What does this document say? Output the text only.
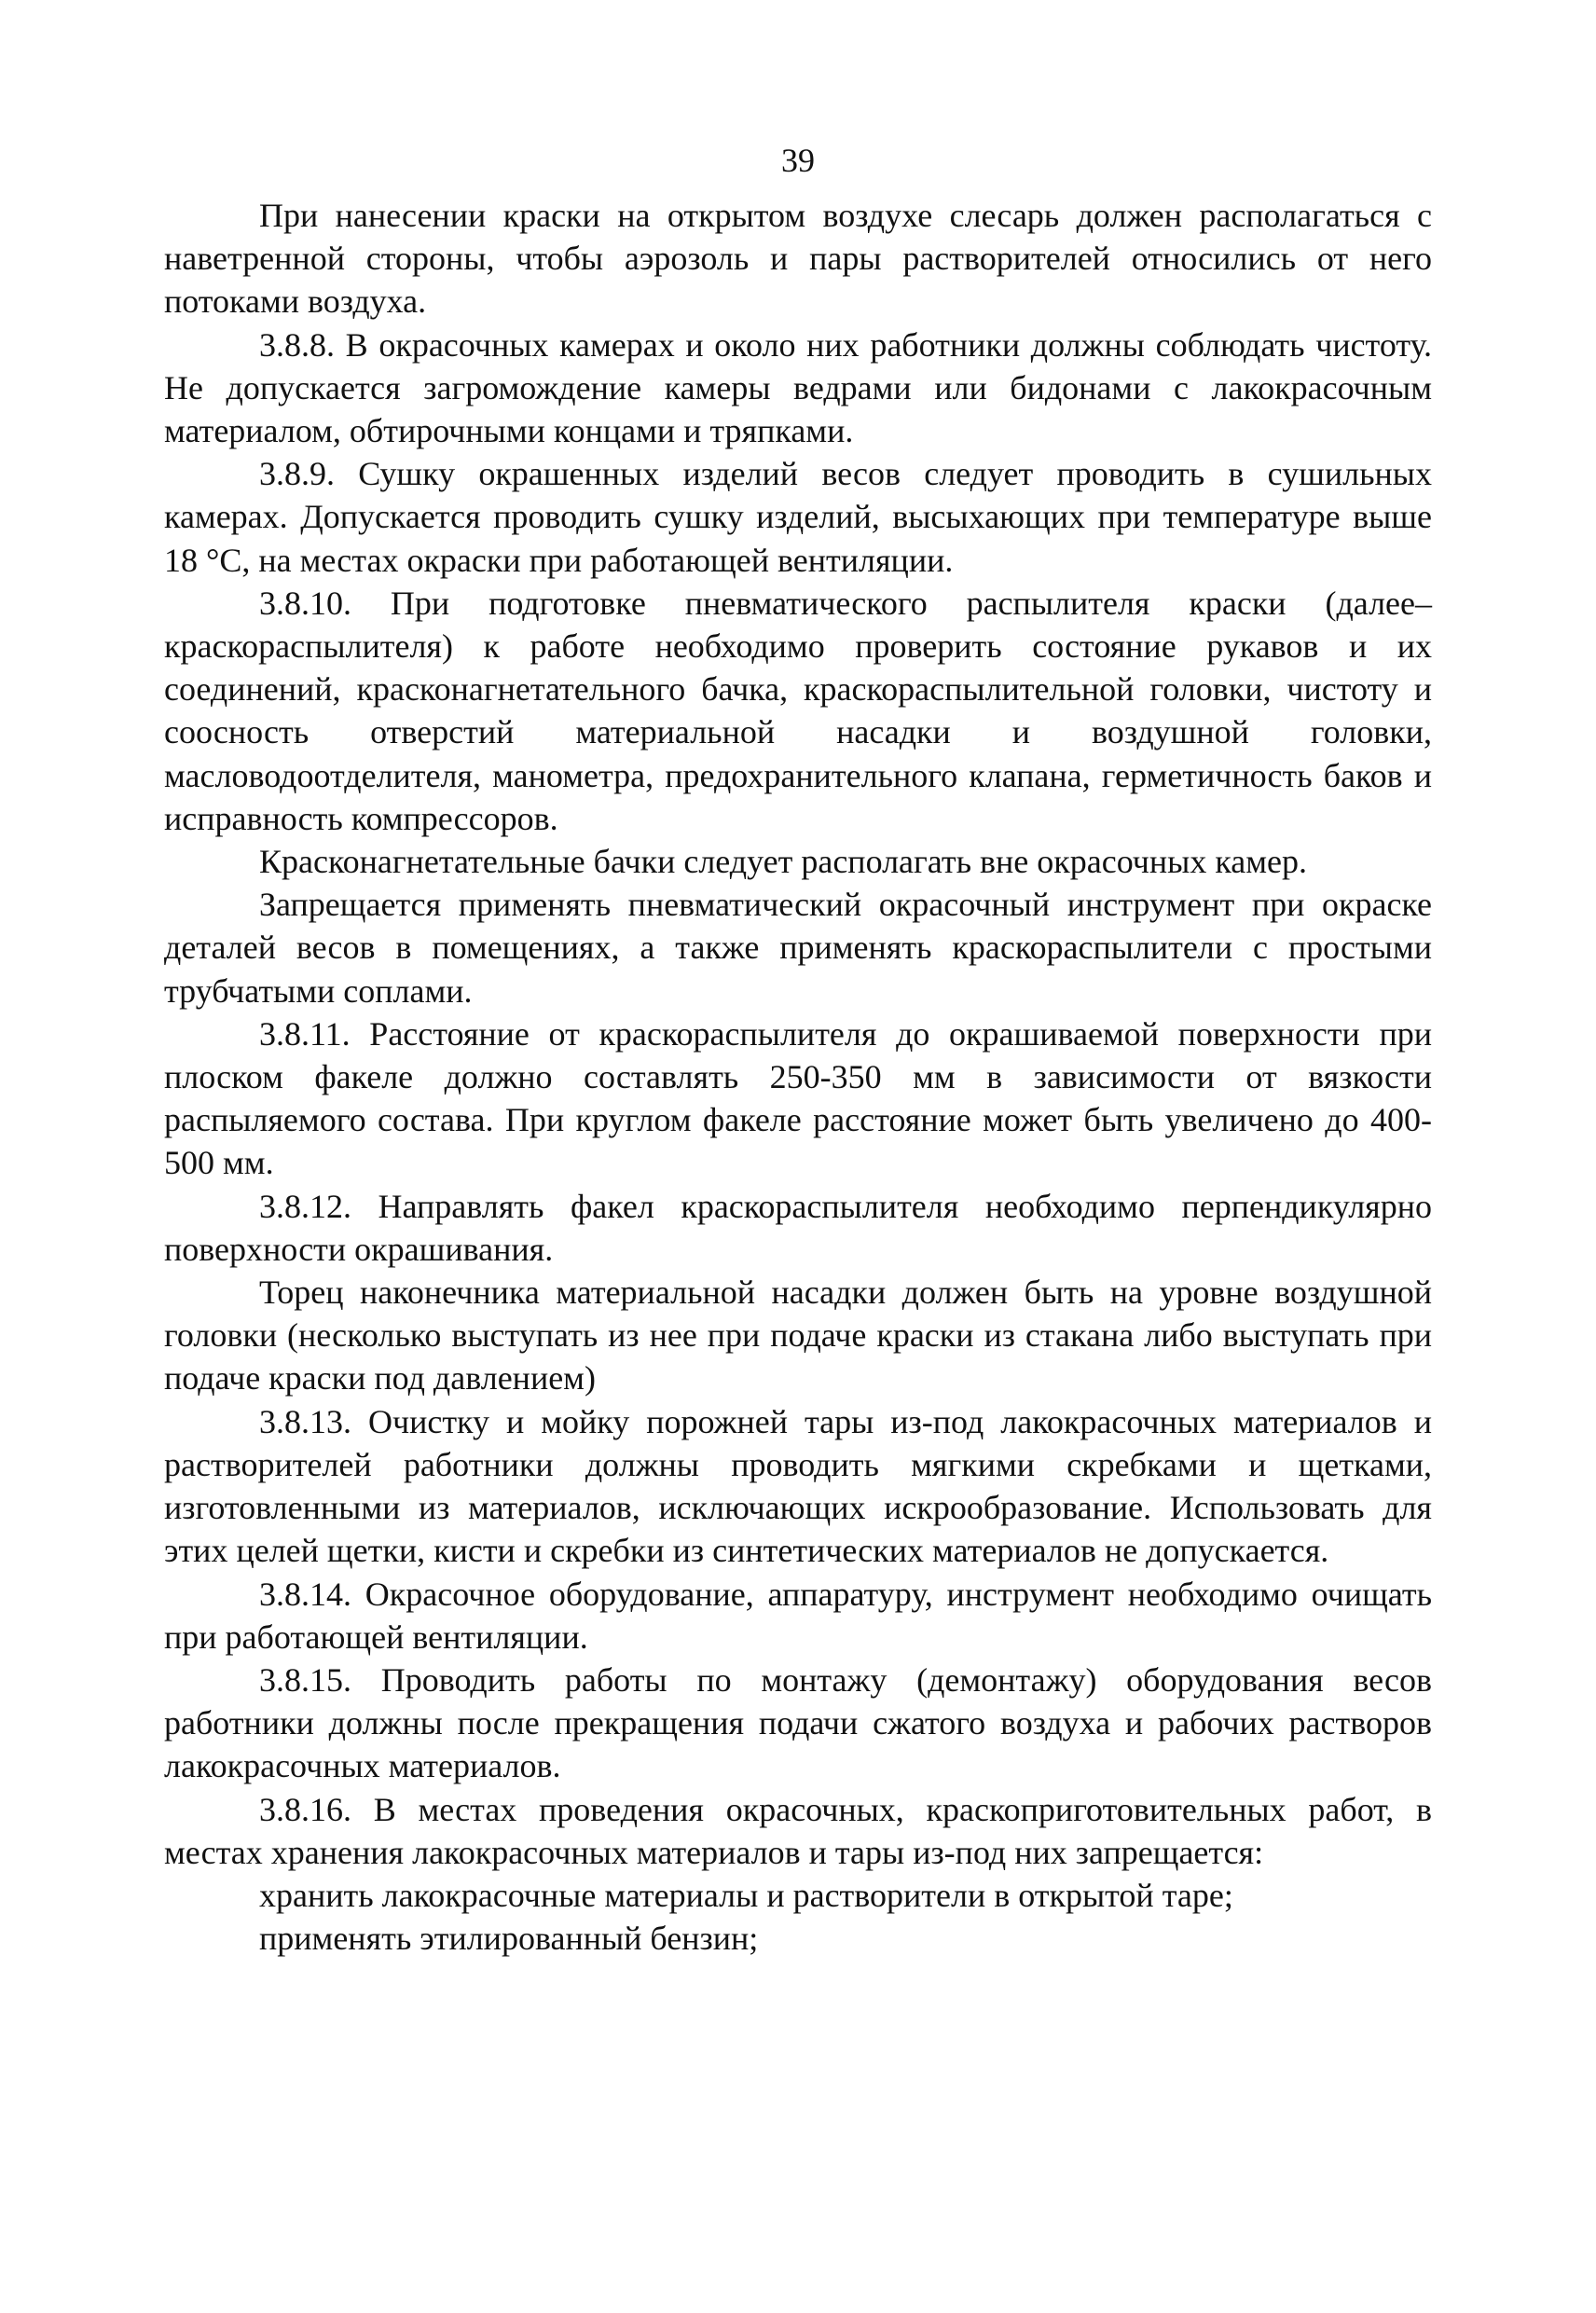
39

При нанесении краски на открытом воздухе слесарь должен располагаться с наветренной стороны, чтобы аэрозоль и пары растворителей относились от него потоками воздуха.

3.8.8. В окрасочных камерах и около них работники должны соблюдать чистоту. Не допускается загромождение камеры ведрами или бидонами с лакокрасочным материалом, обтирочными концами и тряпками.

3.8.9. Сушку окрашенных изделий весов следует проводить в сушильных камерах. Допускается проводить сушку изделий, высыхающих при температуре выше 18 °С, на местах окраски при работающей вентиляции.

3.8.10. При подготовке пневматического распылителя краски (далее– краскораспылителя) к работе необходимо проверить состояние рукавов и их соединений, красконагнетательного бачка, краскораспылительной головки, чистоту и соосность отверстий материальной насадки и воздушной головки, масловодоотделителя, манометра, предохранительного клапана, герметичность баков и исправность компрессоров.

Красконагнетательные бачки следует располагать вне окрасочных камер.

Запрещается применять пневматический окрасочный инструмент при окраске деталей весов в помещениях, а также применять краскораспылители с простыми трубчатыми соплами.

3.8.11. Расстояние от краскораспылителя до окрашиваемой поверхности при плоском факеле должно составлять 250-350 мм в зависимости от вязкости распыляемого состава. При круглом факеле расстояние может быть увеличено до 400-500 мм.

3.8.12. Направлять факел краскораспылителя необходимо перпендикулярно поверхности окрашивания.

Торец наконечника материальной насадки должен быть на уровне воздушной головки (несколько выступать из нее при подаче краски из стакана либо выступать при подаче краски под давлением)

3.8.13. Очистку и мойку порожней тары из-под лакокрасочных материалов и растворителей работники должны проводить мягкими скребками и щетками, изготовленными из материалов, исключающих искрообразование. Использовать для этих целей щетки, кисти и скребки из синтетических материалов не допускается.

3.8.14. Окрасочное оборудование, аппаратуру, инструмент необходимо очищать при работающей вентиляции.

3.8.15. Проводить работы по монтажу (демонтажу) оборудования весов работники должны после прекращения подачи сжатого воздуха и рабочих растворов лакокрасочных материалов.

3.8.16. В местах проведения окрасочных, краскоприготовительных работ, в местах хранения лакокрасочных материалов и тары из-под них запрещается:

хранить лакокрасочные материалы и растворители в открытой таре;

применять этилированный бензин;
